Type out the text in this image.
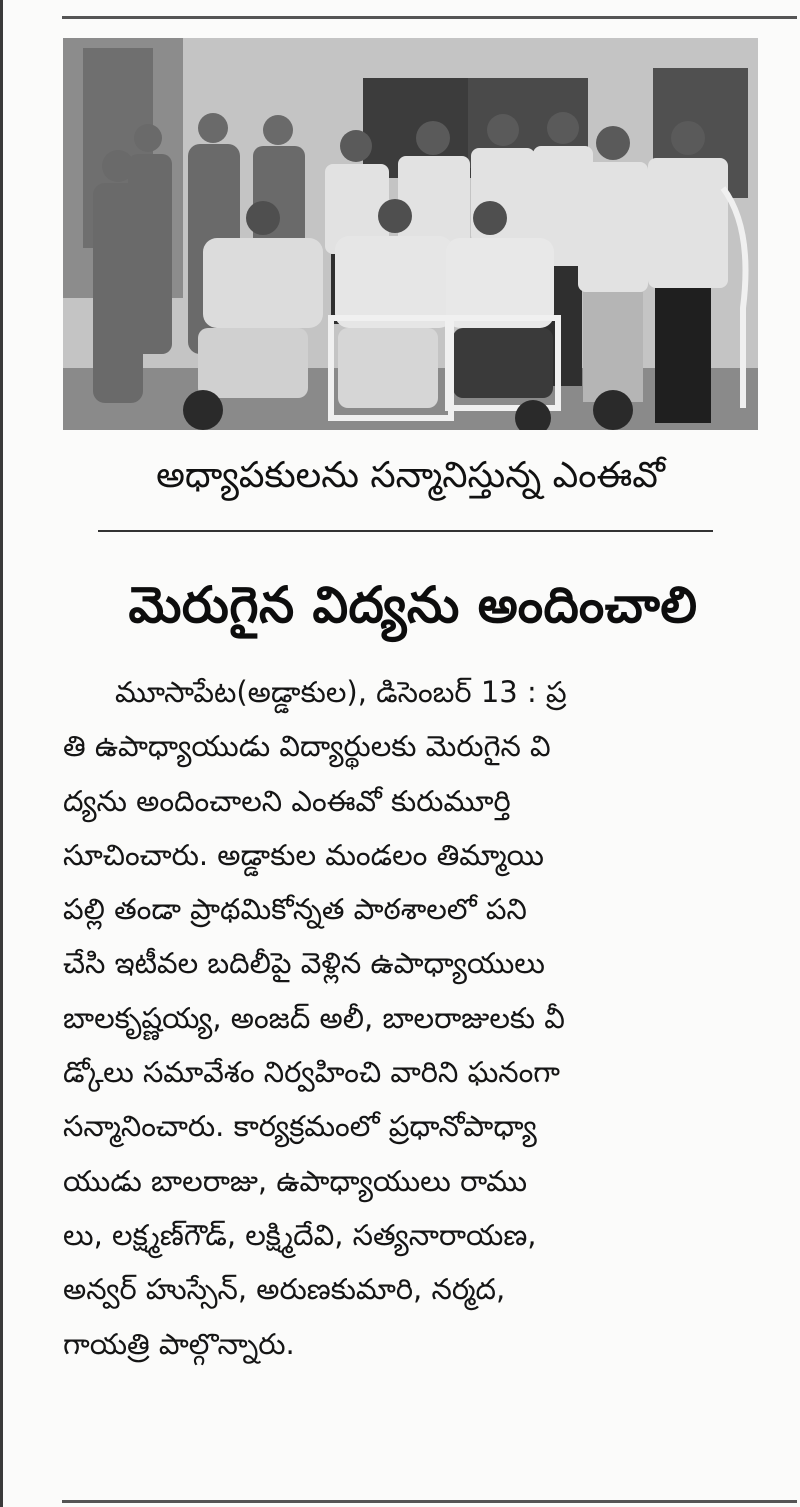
అధ్యాపకులను సన్మానిస్తున్న ఎంఈవో
మెరుగైన విద్యను అందించాలి
మూసాపేట(అడ్డాకుల), డిసెంబర్ 13 : ప్ర
తి ఉపాధ్యాయుడు విద్యార్థులకు మెరుగైన వి
ద్యను అందించాలని ఎంఈవో కురుమూర్తి
సూచించారు. అడ్డాకుల మండలం తిమ్మాయి
పల్లి తండా ప్రాథమికోన్నత పాఠశాలలో పని
చేసి ఇటీవల బదిలీపై వెళ్లిన ఉపాధ్యాయులు
బాలకృష్ణయ్య, అంజద్ అలీ, బాలరాజులకు వీ
డ్కోలు సమావేశం నిర్వహించి వారిని ఘనంగా
సన్మానించారు. కార్యక్రమంలో ప్రధానోపాధ్యా
యుడు బాలరాజు, ఉపాధ్యాయులు రాము
లు, లక్ష్మణ్‌గౌడ్, లక్ష్మిదేవి, సత్యనారాయణ,
అన్వర్ హుస్సేన్, అరుణకుమారి, నర్మద,
గాయత్రి పాల్గొన్నారు.
